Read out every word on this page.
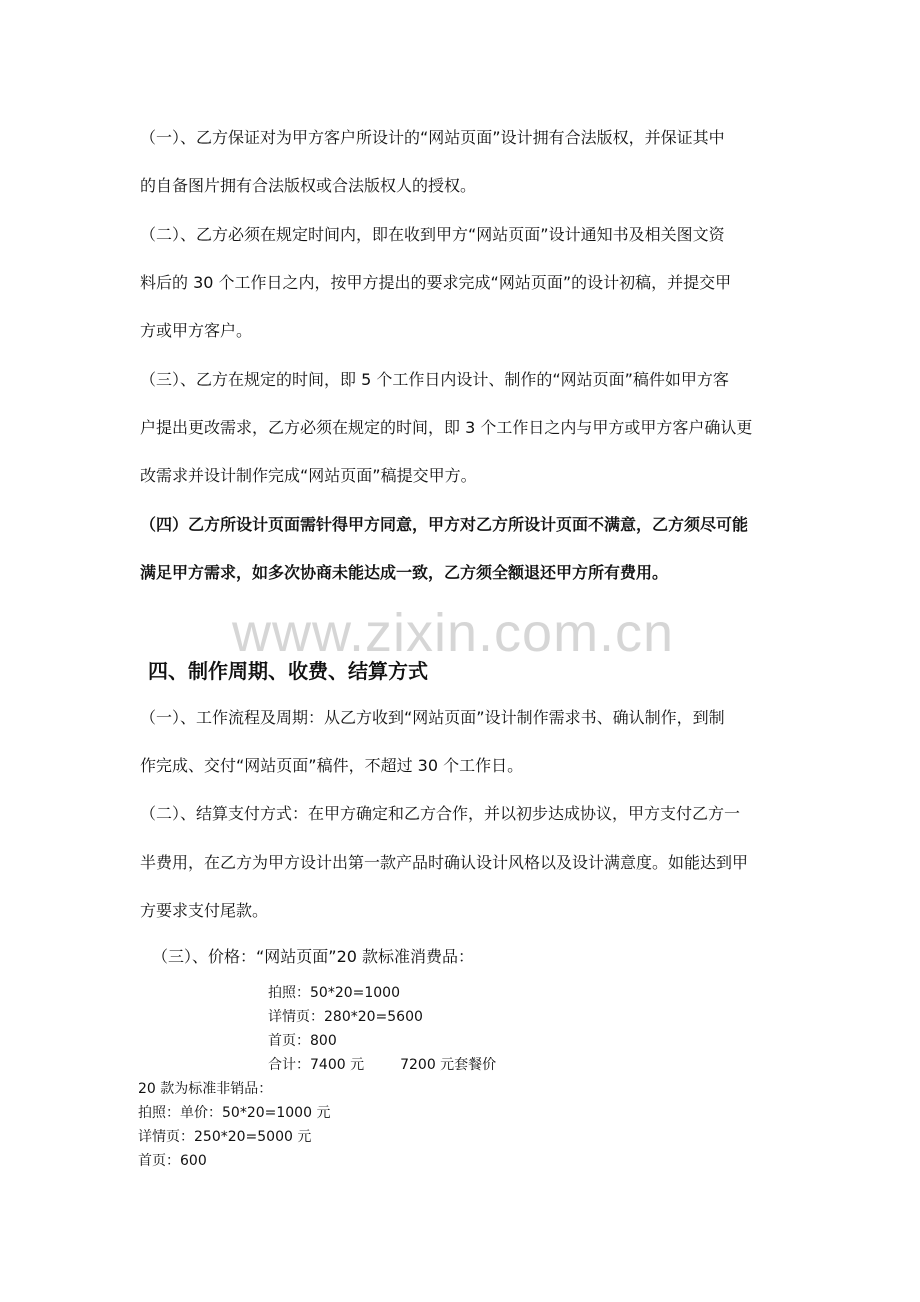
（一）、乙方保证对为甲方客户所设计的“网站页面”设计拥有合法版权，并保证其中
的自备图片拥有合法版权或合法版权人的授权。
（二）、乙方必须在规定时间内，即在收到甲方“网站页面”设计通知书及相关图文资
料后的 30 个工作日之内，按甲方提出的要求完成“网站页面”的设计初稿，并提交甲
方或甲方客户。
（三）、乙方在规定的时间，即 5 个工作日内设计、制作的“网站页面”稿件如甲方客
户提出更改需求，乙方必须在规定的时间，即 3 个工作日之内与甲方或甲方客户确认更
改需求并设计制作完成“网站页面”稿提交甲方。
（四）乙方所设计页面需针得甲方同意，甲方对乙方所设计页面不满意，乙方须尽可能
满足甲方需求，如多次协商未能达成一致，乙方须全额退还甲方所有费用。
www.zixin.com.cn
四、制作周期、收费、结算方式
（一）、工作流程及周期：从乙方收到“网站页面”设计制作需求书、确认制作，到制
作完成、交付“网站页面”稿件，不超过 30 个工作日。
（二）、结算支付方式：在甲方确定和乙方合作，并以初步达成协议，甲方支付乙方一
半费用，在乙方为甲方设计出第一款产品时确认设计风格以及设计满意度。如能达到甲
方要求支付尾款。
（三）、价格：“网站页面”20 款标准消费品：
拍照：50*20=1000
详情页：280*20=5600
首页：800
合计：7400 元	7200 元套餐价
20 款为标准非销品：
拍照：单价：50*20=1000 元
详情页：250*20=5000 元
首页：600
